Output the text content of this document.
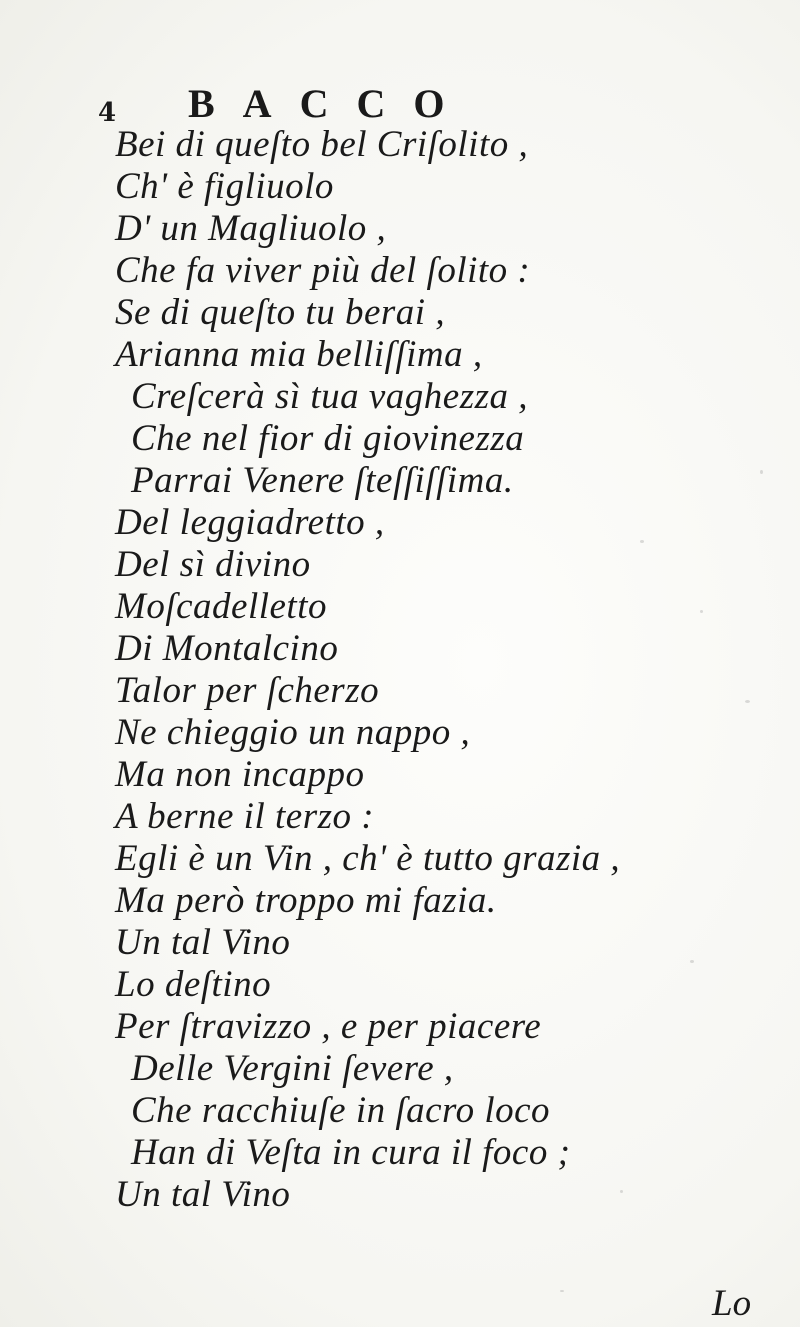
4 BACCO
Bei di queſto bel Criſolito ,
Ch' è figliuolo
D' un Magliuolo ,
Che fa viver più del ſolito :
Se di queſto tu berai ,
Arianna mia belliſſima ,
Creſcerà sì tua vaghezza ,
Che nel fior di giovinezza
Parrai Venere ſteſſiſſima.
Del leggiadretto ,
Del sì divino
Moſcadelletto
Di Montalcino
Talor per ſcherzo
Ne chieggio un nappo ,
Ma non incappo
A berne il terzo :
Egli è un Vin , ch' è tutto grazia ,
Ma però troppo mi fazia.
Un tal Vino
Lo deſtino
Per ſtravizzo , e per piacere
Delle Vergini ſevere ,
Che racchiuſe in ſacro loco
Han di Veſta in cura il foco ;
Un tal Vino
Lo
